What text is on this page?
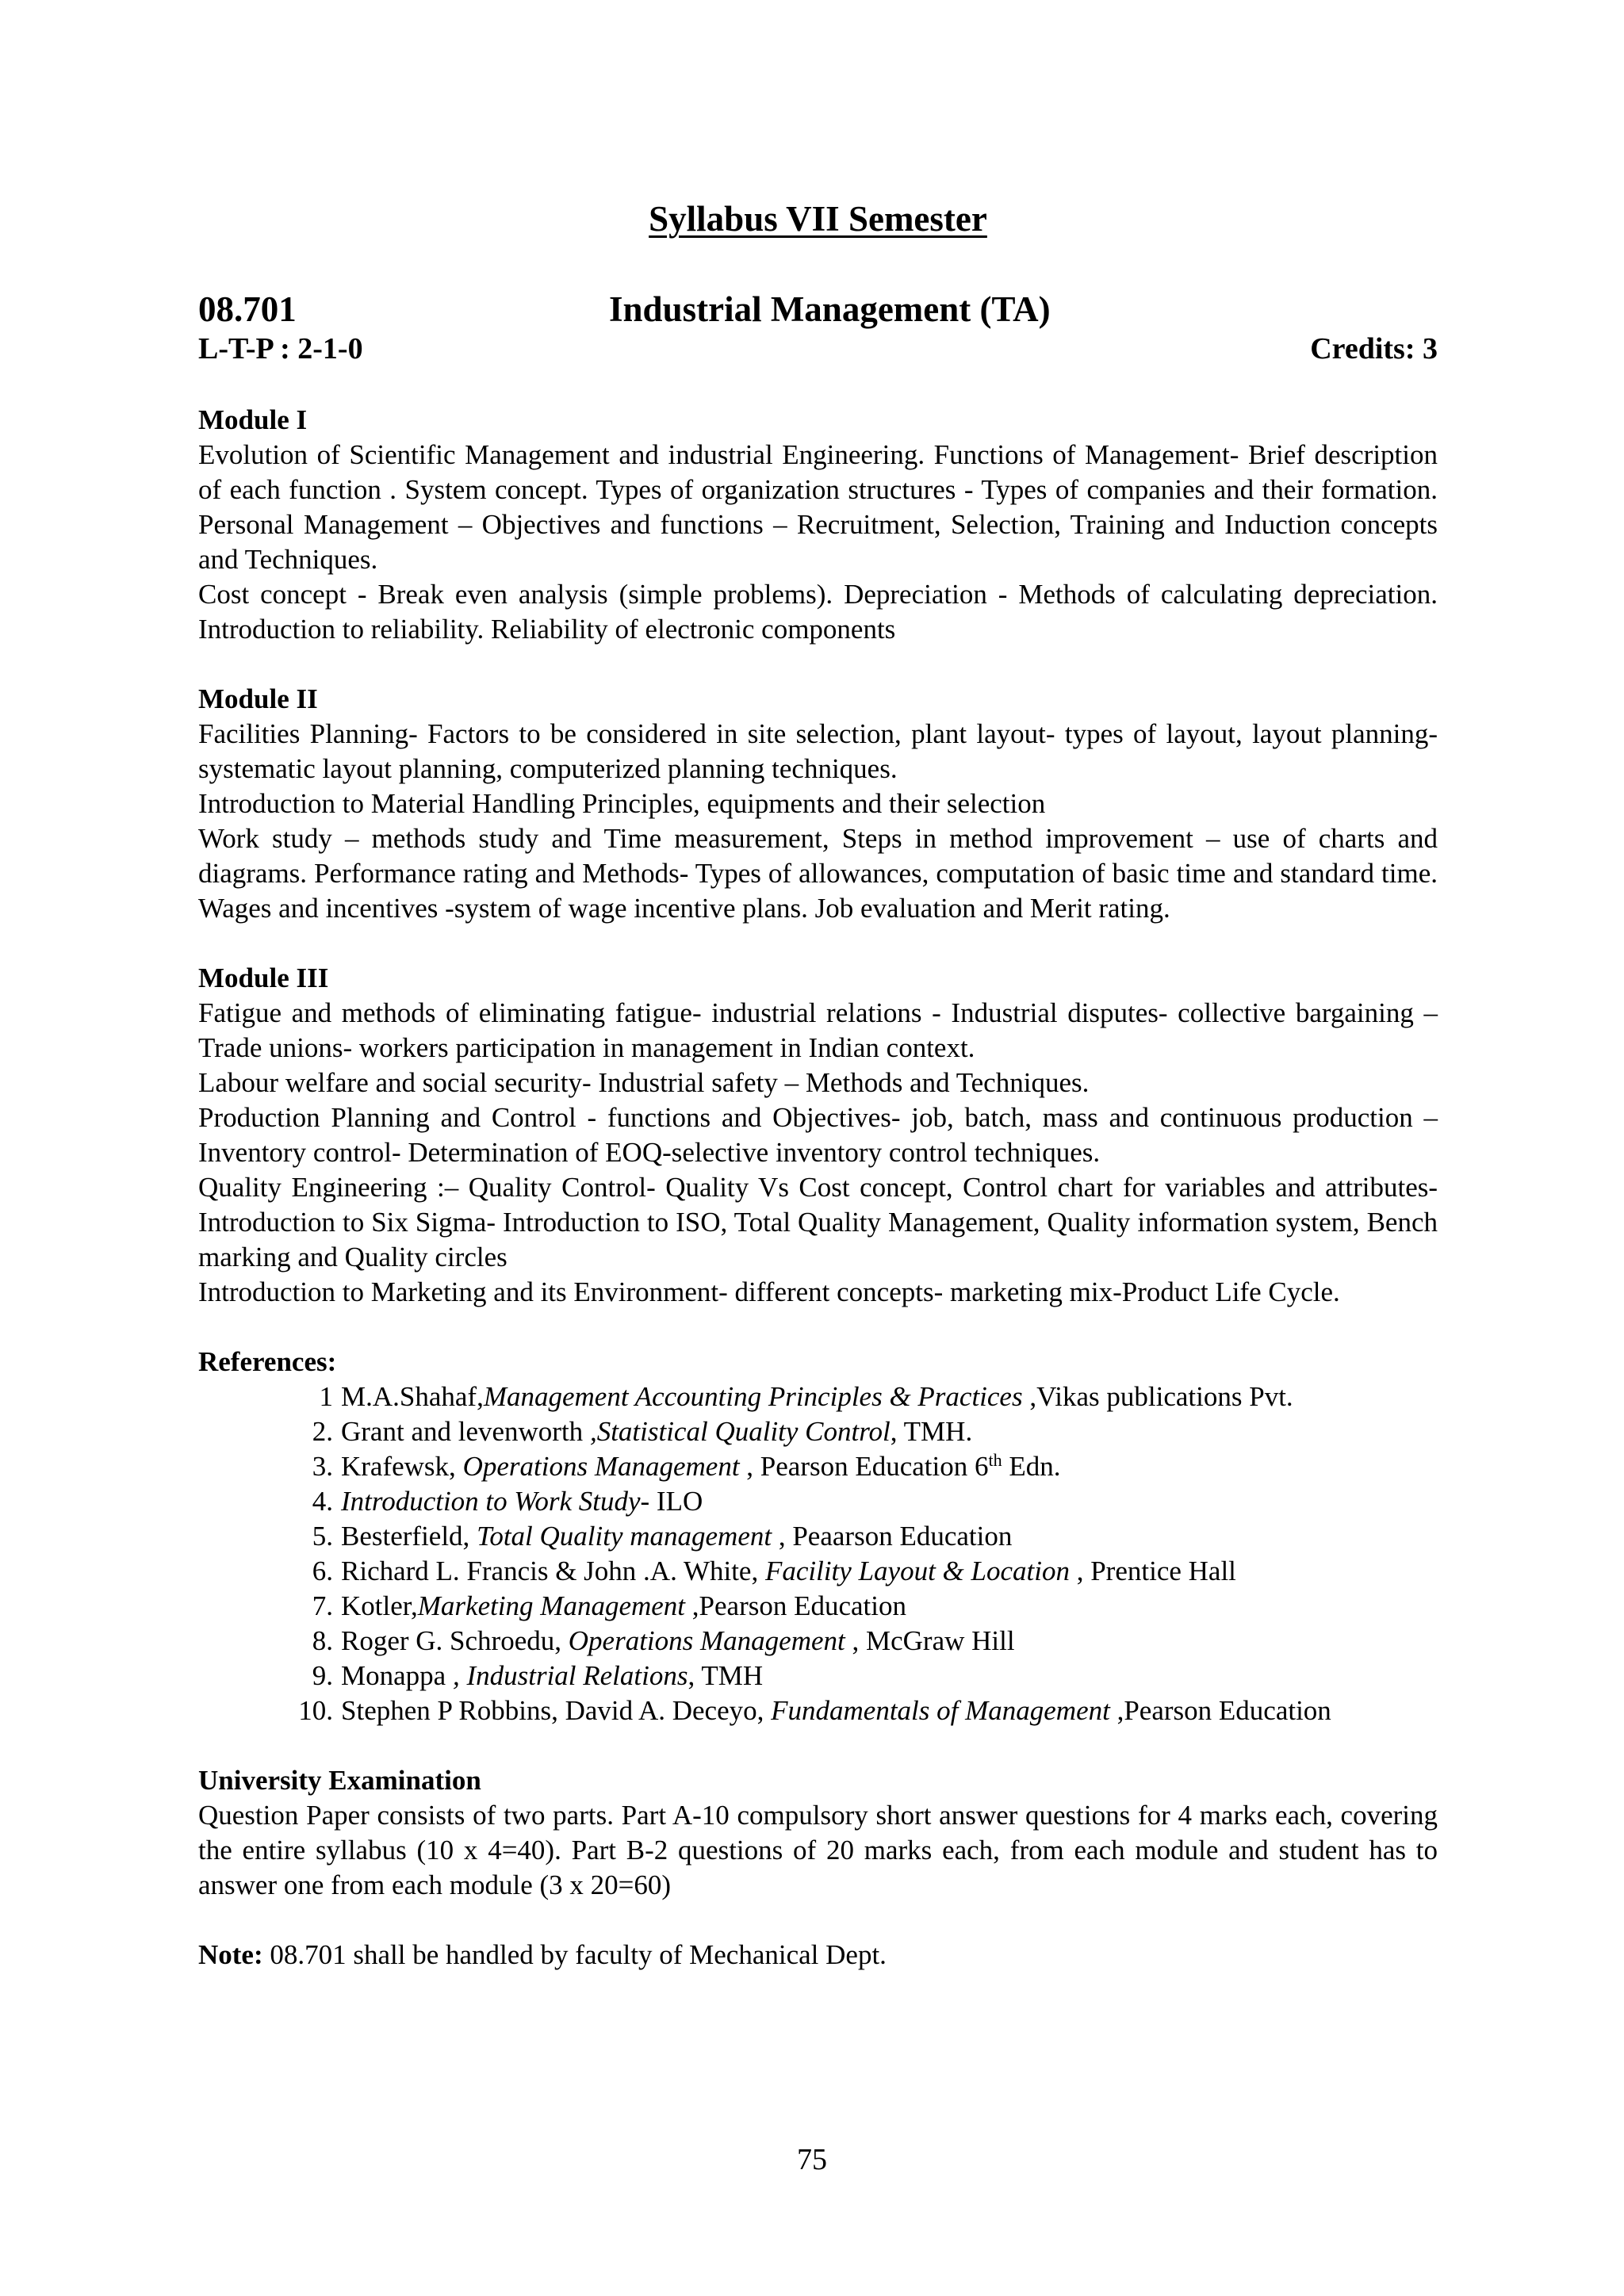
Syllabus VII Semester
08.701	Industrial Management (TA)
L-T-P : 2-1-0	Credits: 3

Module I

Evolution of Scientific Management and industrial Engineering. Functions of Management- Brief description of each function . System concept. Types of organization structures - Types of companies and their formation. Personal Management – Objectives and functions – Recruitment, Selection, Training and Induction concepts and Techniques.

Cost concept - Break even analysis (simple problems). Depreciation - Methods of calculating depreciation. Introduction to reliability. Reliability of electronic components

Module II

Facilities Planning- Factors to be considered in site selection, plant layout- types of layout, layout planning- systematic layout planning, computerized planning techniques.

Introduction to Material Handling Principles, equipments and their selection

Work study – methods study and Time measurement, Steps in method improvement – use of charts and diagrams. Performance rating and Methods- Types of allowances, computation of basic time and standard time. Wages and incentives -system of wage incentive plans. Job evaluation and Merit rating.

Module III

Fatigue and methods of eliminating fatigue- industrial relations - Industrial disputes- collective bargaining – Trade unions- workers participation in management in Indian context.

Labour welfare and social security- Industrial safety – Methods and Techniques.

Production Planning and Control - functions and Objectives- job, batch, mass and continuous production – Inventory control- Determination of EOQ-selective inventory control techniques.

Quality Engineering :– Quality Control- Quality Vs Cost concept, Control chart for variables and attributes- Introduction to Six Sigma- Introduction to ISO, Total Quality Management, Quality information system, Bench marking and Quality circles

Introduction to Marketing and its Environment- different concepts- marketing mix-Product Life Cycle.

References:

1 M.A.Shahaf,Management Accounting Principles & Practices ,Vikas publications Pvt.
2. Grant and levenworth ,Statistical Quality Control, TMH.
3. Krafewsk, Operations Management , Pearson Education 6th Edn.
4. Introduction to Work Study- ILO
5. Besterfield, Total Quality management , Peaarson Education
6. Richard L. Francis & John .A. White, Facility Layout & Location , Prentice Hall
7. Kotler,Marketing Management ,Pearson Education
8. Roger G. Schroedu, Operations Management , McGraw Hill
9. Monappa , Industrial Relations, TMH
10. Stephen P Robbins, David A. Deceyo, Fundamentals of Management ,Pearson Education

University Examination

Question Paper consists of two parts. Part A-10 compulsory short answer questions for 4 marks each, covering the entire syllabus (10 x 4=40). Part B-2 questions of 20 marks each, from each module and student has to answer one from each module (3 x 20=60)

Note: 08.701 shall be handled by faculty of Mechanical Dept.

75
